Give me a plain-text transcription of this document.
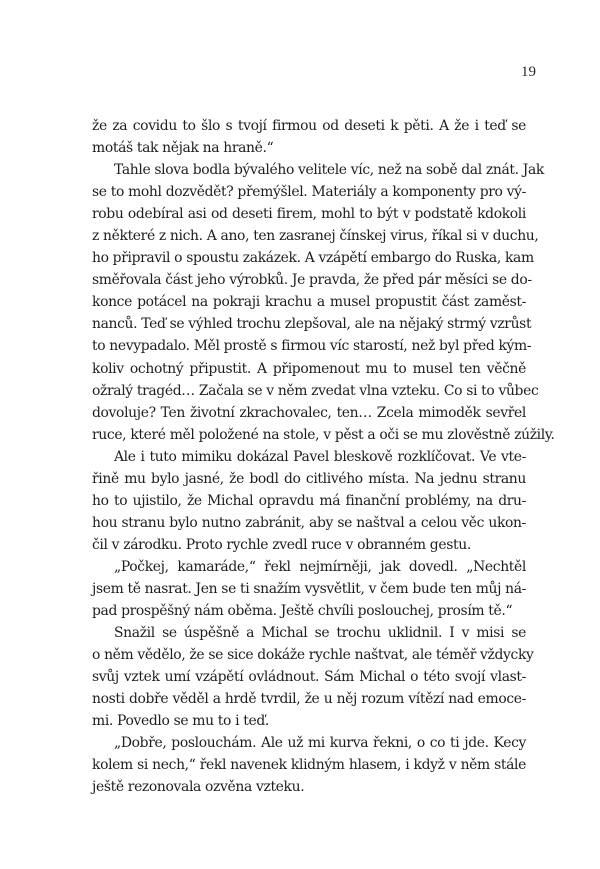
19
že za covidu to šlo s tvojí firmou od deseti k pěti. A že i teď se
motáš tak nějak na hraně.“
Tahle slova bodla bývalého velitele víc, než na sobě dal znát. Jak
se to mohl dozvědět? přemýšlel. Materiály a komponenty pro vý-
robu odebíral asi od deseti firem, mohl to být v podstatě kdokoli
z některé z nich. A ano, ten zasranej čínskej virus, říkal si v duchu,
ho připravil o spoustu zakázek. A vzápětí embargo do Ruska, kam
směřovala část jeho výrobků. Je pravda, že před pár měsíci se do-
konce potácel na pokraji krachu a musel propustit část zaměst-
nanců. Teď se výhled trochu zlepšoval, ale na nějaký strmý vzrůst
to nevypadalo. Měl prostě s firmou víc starostí, než byl před kým-
koliv ochotný připustit. A připomenout mu to musel ten věčně
ožralý tragéd… Začala se v něm zvedat vlna vzteku. Co si to vůbec
dovoluje? Ten životní zkrachovalec, ten… Zcela mimoděk sevřel
ruce, které měl položené na stole, v pěst a oči se mu zlověstně zúžily.
Ale i tuto mimiku dokázal Pavel bleskově rozklíčovat. Ve vte-
řině mu bylo jasné, že bodl do citlivého místa. Na jednu stranu
ho to ujistilo, že Michal opravdu má finanční problémy, na dru-
hou stranu bylo nutno zabránit, aby se naštval a celou věc ukon-
čil v zárodku. Proto rychle zvedl ruce v obranném gestu.
„Počkej, kamaráde,“ řekl nejmírněji, jak dovedl. „Nechtěl
jsem tě nasrat. Jen se ti snažím vysvětlit, v čem bude ten můj ná-
pad prospěšný nám oběma. Ještě chvíli poslouchej, prosím tě.“
Snažil se úspěšně a Michal se trochu uklidnil. I v misi se
o něm vědělo, že se sice dokáže rychle naštvat, ale téměř vždycky
svůj vztek umí vzápětí ovládnout. Sám Michal o této svojí vlast-
nosti dobře věděl a hrdě tvrdil, že u něj rozum vítězí nad emoce-
mi. Povedlo se mu to i teď.
„Dobře, poslouchám. Ale už mi kurva řekni, o co ti jde. Kecy
kolem si nech,“ řekl navenek klidným hlasem, i když v něm stále
ještě rezonovala ozvěna vzteku.
